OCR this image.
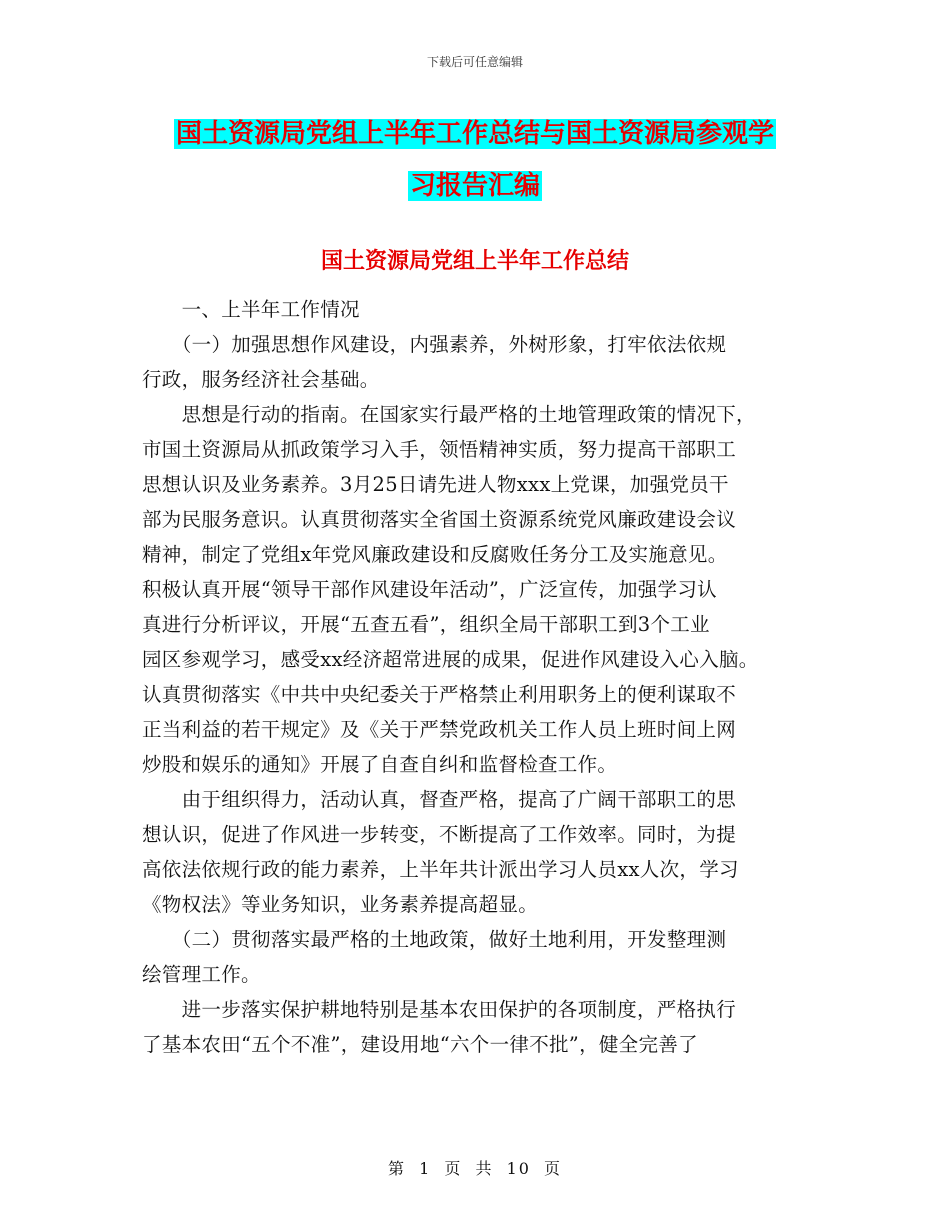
下载后可任意编辑
国土资源局党组上半年工作总结与国土资源局参观学
习报告汇编
国土资源局党组上半年工作总结
　　一、上半年工作情况
　　（一）加强思想作风建设，内强素养，外树形象，打牢依法依规
行政，服务经济社会基础。
　　思想是行动的指南。在国家实行最严格的土地管理政策的情况下，
市国土资源局从抓政策学习入手，领悟精神实质，努力提高干部职工
思想认识及业务素养。3月25日请先进人物xxx上党课，加强党员干
部为民服务意识。认真贯彻落实全省国土资源系统党风廉政建设会议
精神，制定了党组x年党风廉政建设和反腐败任务分工及实施意见。
积极认真开展“领导干部作风建设年活动”，广泛宣传，加强学习认
真进行分析评议，开展“五查五看”，组织全局干部职工到3个工业
园区参观学习，感受xx经济超常进展的成果，促进作风建设入心入脑。
认真贯彻落实《中共中央纪委关于严格禁止利用职务上的便利谋取不
正当利益的若干规定》及《关于严禁党政机关工作人员上班时间上网
炒股和娱乐的通知》开展了自查自纠和监督检查工作。
　　由于组织得力，活动认真，督查严格，提高了广阔干部职工的思
想认识，促进了作风进一步转变，不断提高了工作效率。同时，为提
高依法依规行政的能力素养，上半年共计派出学习人员xx人次，学习
《物权法》等业务知识，业务素养提高超显。
　　（二）贯彻落实最严格的土地政策，做好土地利用，开发整理测
绘管理工作。
　　进一步落实保护耕地特别是基本农田保护的各项制度，严格执行
了基本农田“五个不准”，建设用地“六个一律不批”，健全完善了
第 1 页 共 10 页
